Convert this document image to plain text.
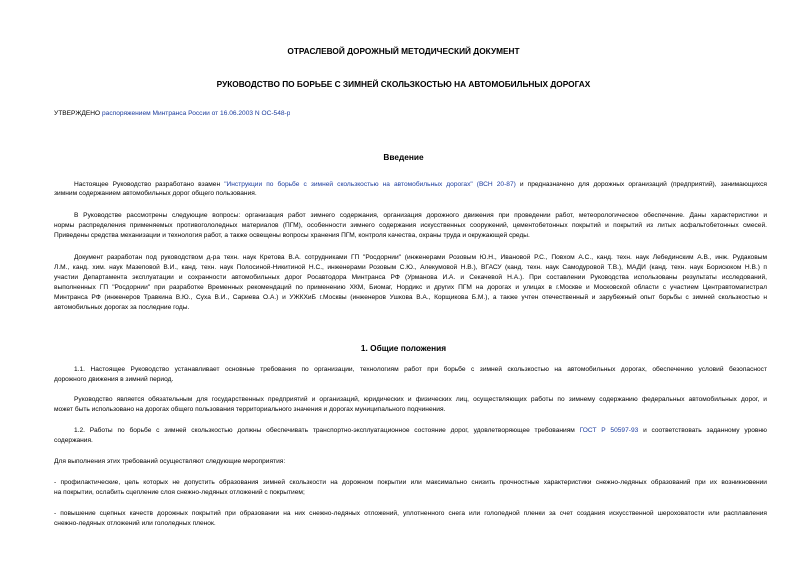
ОТРАСЛЕВОЙ ДОРОЖНЫЙ МЕТОДИЧЕСКИЙ ДОКУМЕНТ
РУКОВОДСТВО ПО БОРЬБЕ С ЗИМНЕЙ СКОЛЬЗКОСТЬЮ НА АВТОМОБИЛЬНЫХ ДОРОГАХ
УТВЕРЖДЕНО распоряжением Минтранса России от 16.06.2003 N ОС-548-р
Введение
Настоящее Руководство разработано взамен "Инструкции по борьбе с зимней скользкостью на автомобильных дорогах" (ВСН 20-87) и предназначено для дорожных организаций (предприятий), занимающихся
зимним содержанием автомобильных дорог общего пользования.
В Руководстве рассмотрены следующие вопросы: организация работ зимнего содержания, организация дорожного движения при проведении работ, метеорологическое обеспечение. Даны характеристики и
нормы распределения применяемых противогололедных материалов (ПГМ), особенности зимнего содержания искусственных сооружений, цементобетонных покрытий и покрытий из литых асфальтобетонных смесей.
Приведены средства механизации и технология работ, а также освещены вопросы хранения ПГМ, контроля качества, охраны труда и окружающей среды.
Документ разработан под руководством д-ра техн. наук Кретова В.А. сотрудниками ГП "Росдорнии" (инженерами Розовым Ю.Н., Ивановой Р.С., Повхом А.С., канд. техн. наук Лебединским А.В., инж. Рудаковым
Л.М., канд. хим. наук Мазеповой В.И., канд. техн. наук Полосиной-Никитиной Н.С., инженерами Розовым С.Ю., Алекумовой Н.В.), ВГАСУ (канд. техн. наук Самодуровой Т.В.), МАДИ (канд. техн. наук Борисюком Н.В.) п
участии Департамента эксплуатации и сохранности автомобильных дорог Росавтодора Минтранса РФ (Урманова И.А. и Секачевой Н.А.). При составлении Руководства использованы результаты исследований,
выполненных ГП "Росдорнии" при разработке Временных рекомендаций по применению ХКМ, Биомаг, Нордикс и других ПГМ на дорогах и улицах в г.Москве и Московской области с участием Центравтомагистрал
Минтранса РФ (инженеров Травкина В.Ю., Суха В.И., Сариева О.А.) и УЖКХиБ г.Москвы (инженеров Ушкова В.А., Корщикова Б.М.), а также учтен отечественный и зарубежный опыт борьбы с зимней скользкостью н
автомобильных дорогах за последние годы.
1. Общие положения
1.1. Настоящее Руководство устанавливает основные требования по организации, технологиям работ при борьбе с зимней скользкостью на автомобильных дорогах, обеспечению условий безопасност
дорожного движения в зимний период.
Руководство является обязательным для государственных предприятий и организаций, юридических и физических лиц, осуществляющих работы по зимнему содержанию федеральных автомобильных дорог, и
может быть использовано на дорогах общего пользования территориального значения и дорогах муниципального подчинения.
1.2. Работы по борьбе с зимней скользкостью должны обеспечивать транспортно-эксплуатационное состояние дорог, удовлетворяющее требованиям ГОСТ Р 50597-93 и соответствовать заданному уровню
содержания.
Для выполнения этих требований осуществляют следующие мероприятия:
- профилактические, цель которых не допустить образования зимней скользкости на дорожном покрытии или максимально снизить прочностные характеристики снежно-ледяных образований при их возникновении
на покрытии, ослабить сцепление слоя снежно-ледяных отложений с покрытием;
- повышение сцепных качеств дорожных покрытий при образовании на них снежно-ледяных отложений, уплотненного снега или гололедной пленки за счет создания искусственной шероховатости или расплавления
снежно-ледяных отложений или гололедных пленок.
